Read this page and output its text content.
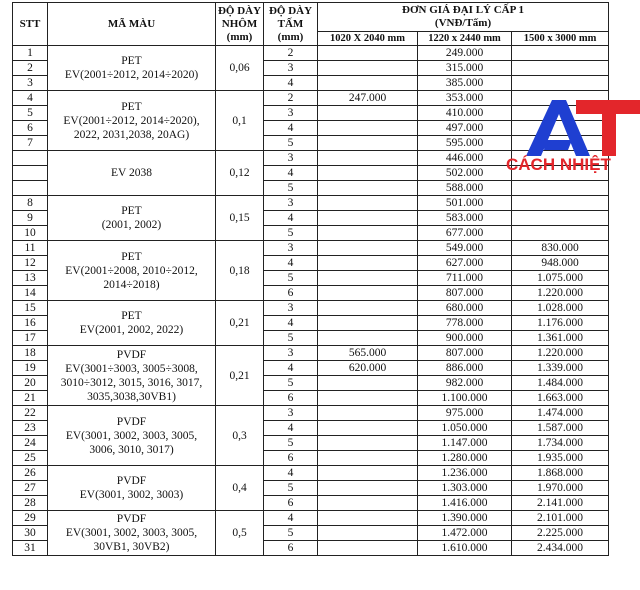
STT	MÃ MÀU	ĐỘ DÀY
NHÔM
(mm)	ĐỘ DÀY
TẤM
(mm)	ĐƠN GIÁ ĐẠI LÝ CẤP 1
(VNĐ/Tấm)		
				1020 X 2040 mm	1220 x 2440 mm	1500 x 3000 mm
1	PET
EV(2001÷2012, 2014÷2020)	0,06	2		249.000	
2			3		315.000	
3			4		385.000	
4	PET
EV(2001÷2012, 2014÷2020),
2022, 2031,2038, 20AG)	0,1	2	247.000	353.000	
5			3		410.000	
6			4		497.000	
7			5		595.000	

	EV 2038	0,12	3		446.000	
			4		502.000	
			5		588.000	
8	PET
(2001, 2002)	0,15	3		501.000	
9			4		583.000	
10			5		677.000	
11	PET
EV(2001÷2008, 2010÷2012,
2014÷2018)	0,18	3		549.000	830.000
12			4		627.000	948.000
13			5		711.000	1.075.000
14			6		807.000	1.220.000
15	PET
EV(2001, 2002, 2022)	0,21	3		680.000	1.028.000
16			4		778.000	1.176.000
17			5		900.000	1.361.000
18	PVDF
EV(3001÷3003, 3005÷3008,
3010÷3012, 3015, 3016, 3017,
3035,3038,30VB1)	0,21	3	565.000	807.000	1.220.000
19			4	620.000	886.000	1.339.000
20			5		982.000	1.484.000
21			6		1.100.000	1.663.000
22	PVDF
EV(3001, 3002, 3003, 3005,
3006, 3010, 3017)	0,3	3		975.000	1.474.000
23			4		1.050.000	1.587.000
24			5		1.147.000	1.734.000
25			6		1.280.000	1.935.000
26	PVDF
EV(3001, 3002, 3003)	0,4	4		1.236.000	1.868.000
27			5		1.303.000	1.970.000
28			6		1.416.000	2.141.000
29	PVDF
EV(3001, 3002, 3003, 3005,
30VB1, 30VB2)	0,5	4		1.390.000	2.101.000
30			5		1.472.000	2.225.000
31			6		1.610.000	2.434.000
CÁCH NHIỆT
